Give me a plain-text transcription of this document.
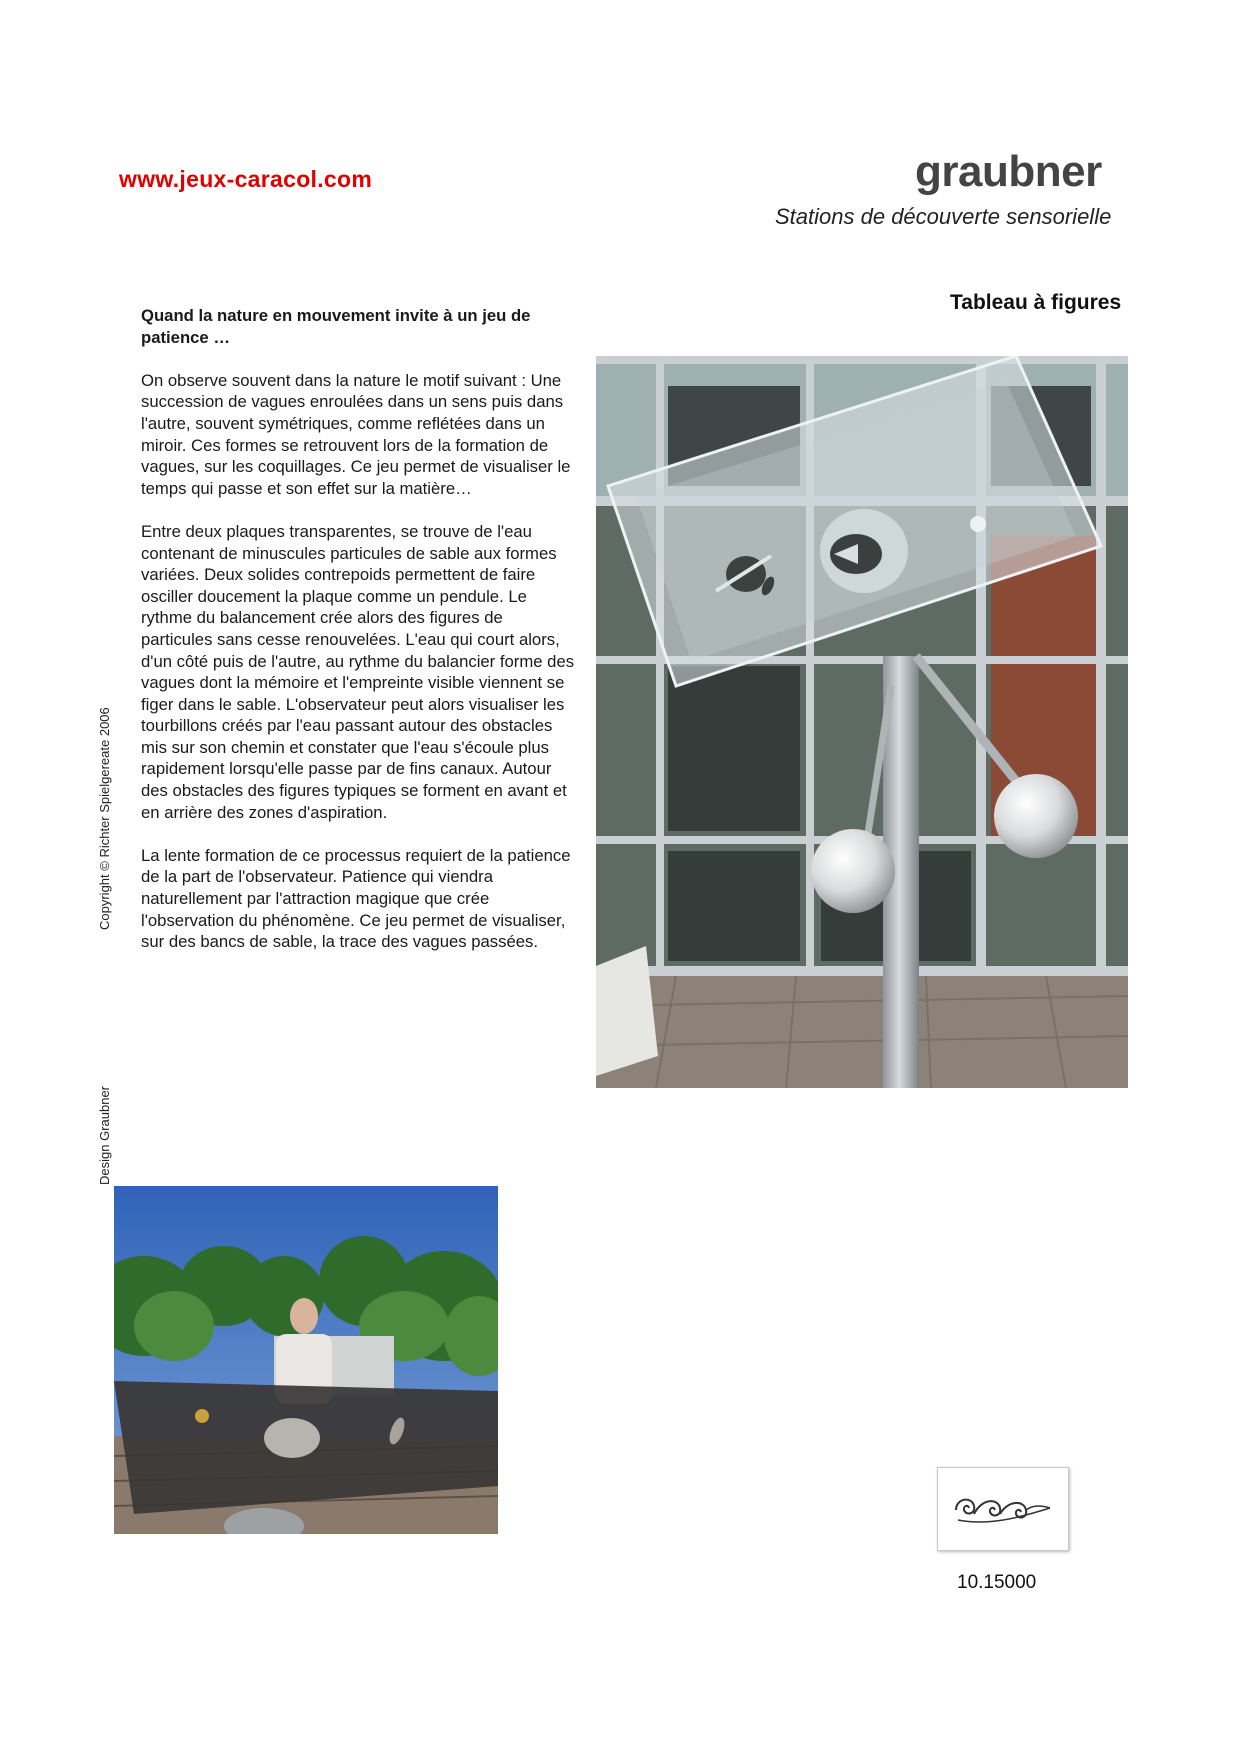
www.jeux-caracol.com	graubner
Stations de découverte sensorielle
Tableau à figures

Quand la nature en mouvement invite à un jeu de patience …

On observe souvent dans la nature le motif suivant : Une succession de vagues enroulées dans un sens puis dans l'autre, souvent symétriques, comme reflétées dans un miroir. Ces formes se retrouvent lors de la formation de vagues, sur les coquillages. Ce jeu permet de visualiser le temps qui passe et son effet sur la matière…

Entre deux plaques transparentes, se trouve de l'eau contenant de minuscules particules de sable aux formes variées. Deux solides contrepoids permettent de faire osciller doucement la plaque comme un pendule. Le rythme du balancement crée alors des figures de particules sans cesse renouvelées. L'eau qui court alors, d'un côté puis de l'autre, au rythme du balancier forme des vagues dont la mémoire et l'empreinte visible viennent se figer dans le sable. L'observateur peut alors visualiser les tourbillons créés par l'eau passant autour des obstacles mis sur son chemin et constater que l'eau s'écoule plus rapidement lorsqu'elle passe par de fins canaux. Autour des obstacles des figures typiques se forment en avant et en arrière des zones d'aspiration.

La lente formation de ce processus requiert de la patience de la part de l'observateur. Patience qui viendra naturellement par l'attraction magique que crée l'observation du phénomène. Ce jeu permet de visualiser, sur des bancs de sable, la trace des vagues passées.

Copyright © Richter Spielgereate 2006
Design Graubner
10.15000
